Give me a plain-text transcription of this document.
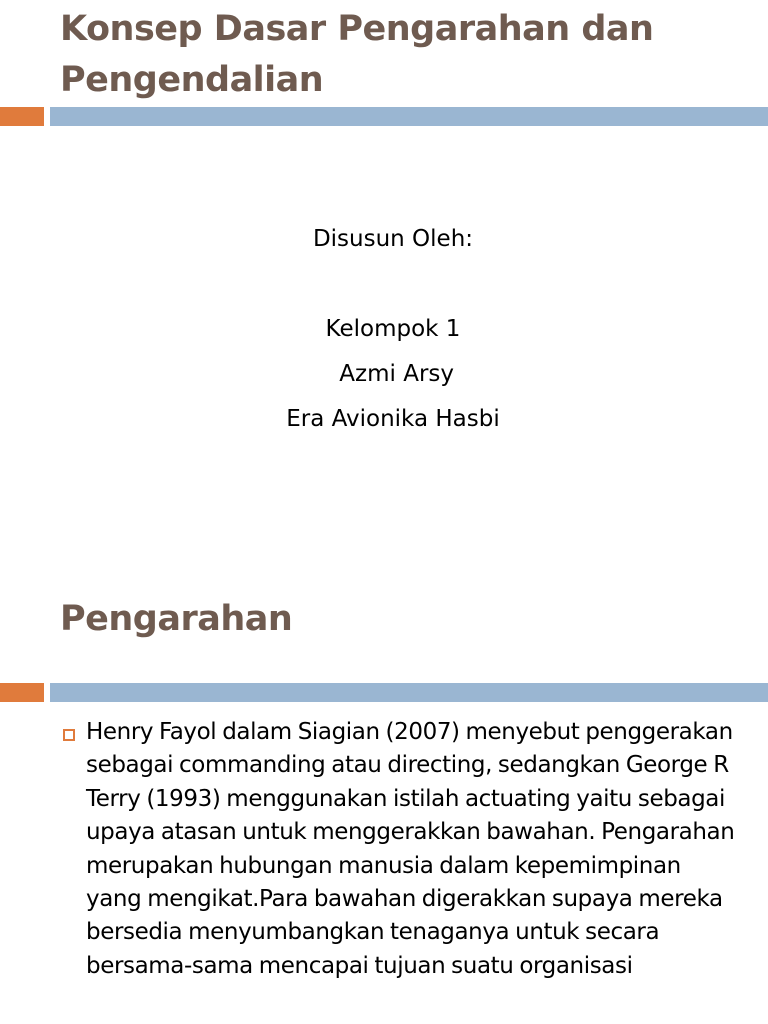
Konsep Dasar Pengarahan dan Pengendalian
Disusun Oleh:
Kelompok 1
Azmi Arsy
Era Avionika Hasbi
Pengarahan
Henry Fayol dalam Siagian (2007) menyebut penggerakan sebagai commanding atau directing, sedangkan George R Terry (1993) menggunakan istilah actuating yaitu sebagai upaya atasan untuk menggerakkan bawahan. Pengarahan merupakan hubungan manusia dalam kepemimpinan yang mengikat.Para bawahan digerakkan supaya mereka bersedia menyumbangkan tenaganya untuk secara bersama-sama mencapai tujuan suatu organisasi
